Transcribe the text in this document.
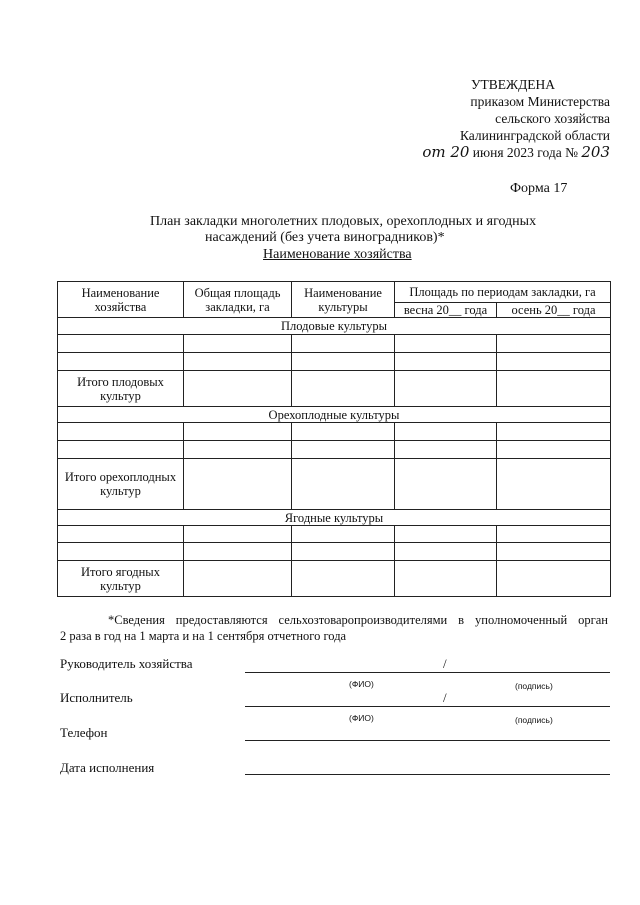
УТВЕЖДЕНА
приказом Министерства
сельского хозяйства
Калининградской области
от 20 июня 2023 года № 203
Форма 17
План закладки многолетних плодовых, орехоплодных и ягодных
насаждений (без учета виноградников)*
Наименование хозяйства
Наименование хозяйства	Общая площадь закладки, га	Наименование культуры	Площадь по периодам закладки, га	
			весна 20__ года	осень 20__ года
Плодовые культуры				

Итого плодовых культур				
Орехоплодные культуры				

Итого орехоплодных культур				
Ягодные культуры				

Итого ягодных культур				
*Сведения предоставляются сельхозтоваропроизводителями в уполномоченный орган
2 раза в год на 1 марта и на 1 сентября отчетного года
Руководитель хозяйства	/
(ФИО)	(подпись)
Исполнитель	/
(ФИО)	(подпись)
Телефон
Дата исполнения
